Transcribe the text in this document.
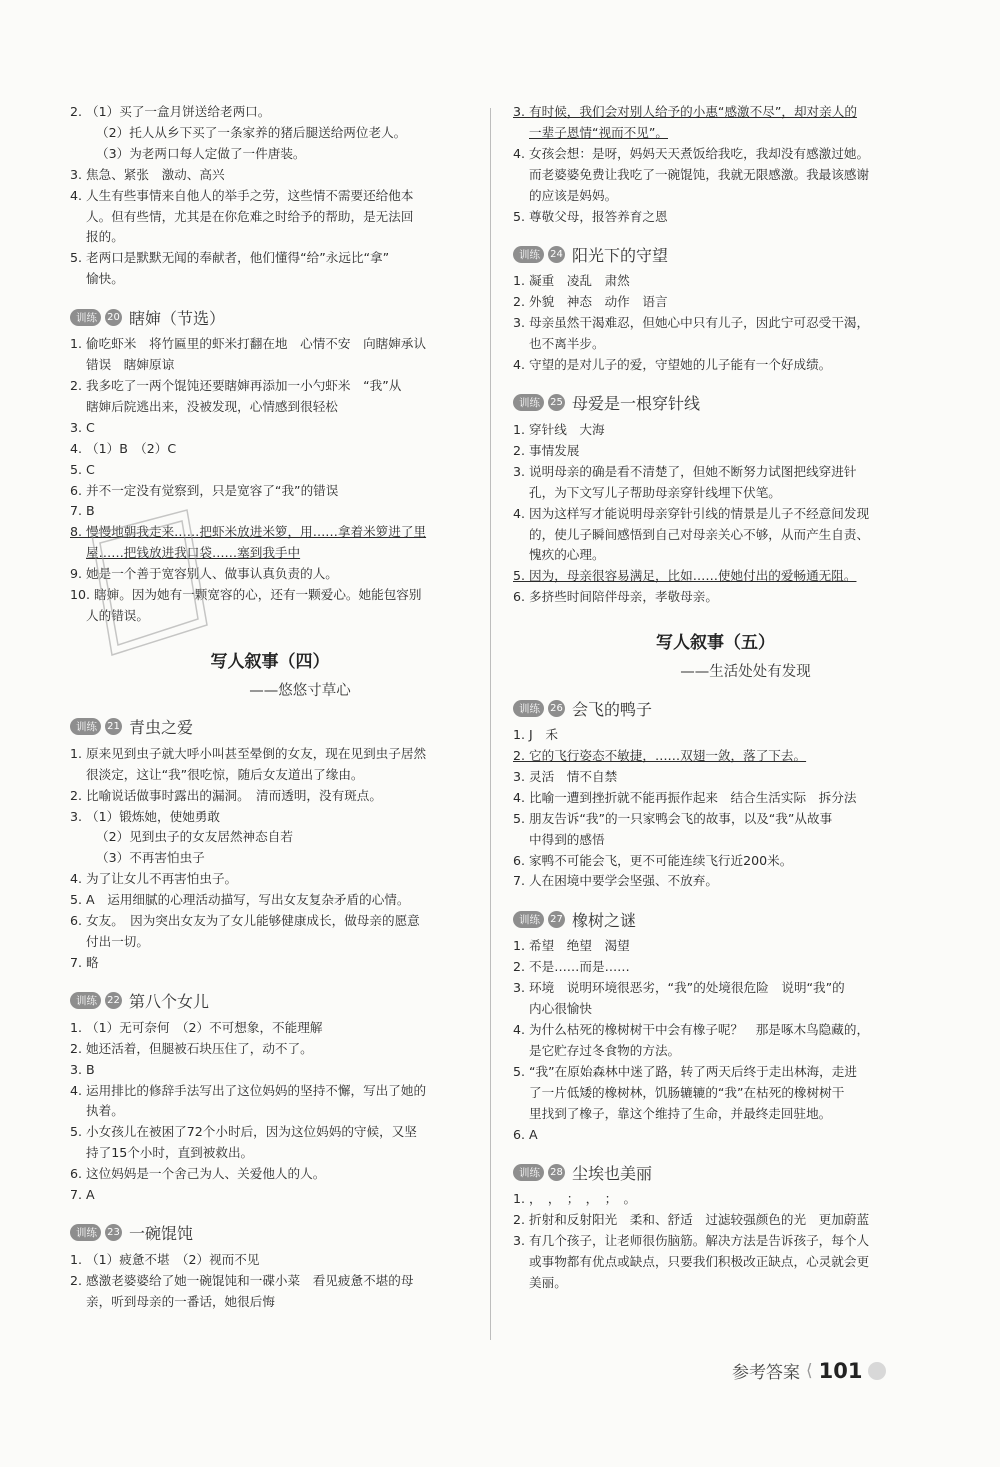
2. （1）买了一盒月饼送给老两口。
（2）托人从乡下买了一条家养的猪后腿送给两位老人。
（3）为老两口每人定做了一件唐装。
3. 焦急、紧张　激动、高兴
4. 人生有些事情来自他人的举手之劳，这些情不需要还给他本
人。但有些情，尤其是在你危难之时给予的帮助，是无法回
报的。
5. 老两口是默默无闻的奉献者，他们懂得“给”永远比“拿”
愉快。
训练	20 瞎婶（节选）
1. 偷吃虾米　将竹匾里的虾米打翻在地　心情不安　向瞎婶承认
错误　瞎婶原谅
2. 我多吃了一两个馄饨还要瞎婶再添加一小勺虾米　“我”从
瞎婶后院逃出来，没被发现，心情感到很轻松
3. C
4. （1）B　（2）C
5. C
6. 并不一定没有觉察到，只是宽容了“我”的错误
7. B
8. 慢慢地朝我走来……把虾米放进米箩，用……拿着米箩进了里
屋……把钱放进我口袋……塞到我手中
9. 她是一个善于宽容别人、做事认真负责的人。
10. 瞎婶。因为她有一颗宽容的心，还有一颗爱心。她能包容别
人的错误。
写人叙事（四）
——悠悠寸草心
训练	21 青虫之爱
1. 原来见到虫子就大呼小叫甚至晕倒的女友，现在见到虫子居然
很淡定，这让“我”很吃惊，随后女友道出了缘由。
2. 比喻说话做事时露出的漏洞。　清而透明，没有斑点。
3. （1）锻炼她，使她勇敢
（2）见到虫子的女友居然神态自若
（3）不再害怕虫子
4. 为了让女儿不再害怕虫子。
5. A　运用细腻的心理活动描写，写出女友复杂矛盾的心情。
6. 女友。　因为突出女友为了女儿能够健康成长，做母亲的愿意
付出一切。
7. 略
训练	22 第八个女儿
1. （1）无可奈何　（2）不可想象，不能理解
2. 她还活着，但腿被石块压住了，动不了。
3. B
4. 运用排比的修辞手法写出了这位妈妈的坚持不懈，写出了她的
执着。
5. 小女孩儿在被困了72个小时后，因为这位妈妈的守候，又坚
持了15个小时，直到被救出。
6. 这位妈妈是一个舍己为人、关爱他人的人。
7. A
训练	23 一碗馄饨
1. （1）疲惫不堪　（2）视而不见
2. 感激老婆婆给了她一碗馄饨和一碟小菜　看见疲惫不堪的母
亲，听到母亲的一番话，她很后悔
3. 有时候，我们会对别人给予的小惠“感激不尽”，却对亲人的
一辈子恩情“视而不见”。
4. 女孩会想：是呀，妈妈天天煮饭给我吃，我却没有感激过她。
而老婆婆免费让我吃了一碗馄饨，我就无限感激。我最该感谢
的应该是妈妈。
5. 尊敬父母，报答养育之恩
训练	24 阳光下的守望
1. 凝重　凌乱　肃然
2. 外貌　神态　动作　语言
3. 母亲虽然干渴难忍，但她心中只有儿子，因此宁可忍受干渴，
也不离半步。
4. 守望的是对儿子的爱，守望她的儿子能有一个好成绩。
训练	25 母爱是一根穿针线
1. 穿针线　大海
2. 事情发展
3. 说明母亲的确是看不清楚了，但她不断努力试图把线穿进针
孔，为下文写儿子帮助母亲穿针线埋下伏笔。
4. 因为这样写才能说明母亲穿针引线的情景是儿子不经意间发现
的，使儿子瞬间感悟到自己对母亲关心不够，从而产生自责、
愧疚的心理。
5. 因为，母亲很容易满足，比如……使她付出的爱畅通无阻。
6. 多挤些时间陪伴母亲，孝敬母亲。
写人叙事（五）
——生活处处有发现
训练	26 会飞的鸭子
1. J　禾
2. 它的飞行姿态不敏捷，……双翅一敛，落了下去。
3. 灵活　情不自禁
4. 比喻一遭到挫折就不能再振作起来　结合生活实际　拆分法
5. 朋友告诉“我”的一只家鸭会飞的故事，以及“我”从故事
中得到的感悟
6. 家鸭不可能会飞，更不可能连续飞行近200米。
7. 人在困境中要学会坚强、不放弃。
训练	27 橡树之谜
1. 希望　绝望　渴望
2. 不是……而是……
3. 环境　说明环境很恶劣，“我”的处境很危险　说明“我”的
内心很愉快
4. 为什么枯死的橡树树干中会有橡子呢？　那是啄木鸟隐藏的，
是它贮存过冬食物的方法。
5. “我”在原始森林中迷了路，转了两天后终于走出林海，走进
了一片低矮的橡树林，饥肠辘辘的“我”在枯死的橡树树干
里找到了橡子，靠这个维持了生命，并最终走回驻地。
6. A
训练	28 尘埃也美丽
1. ，　，　；　，　；　。
2. 折射和反射阳光　柔和、舒适　过滤较强颜色的光　更加蔚蓝
3. 有几个孩子，让老师很伤脑筋。解决方法是告诉孩子，每个人
或事物都有优点或缺点，只要我们积极改正缺点，心灵就会更
美丽。
参考答案 ⟨ 101
